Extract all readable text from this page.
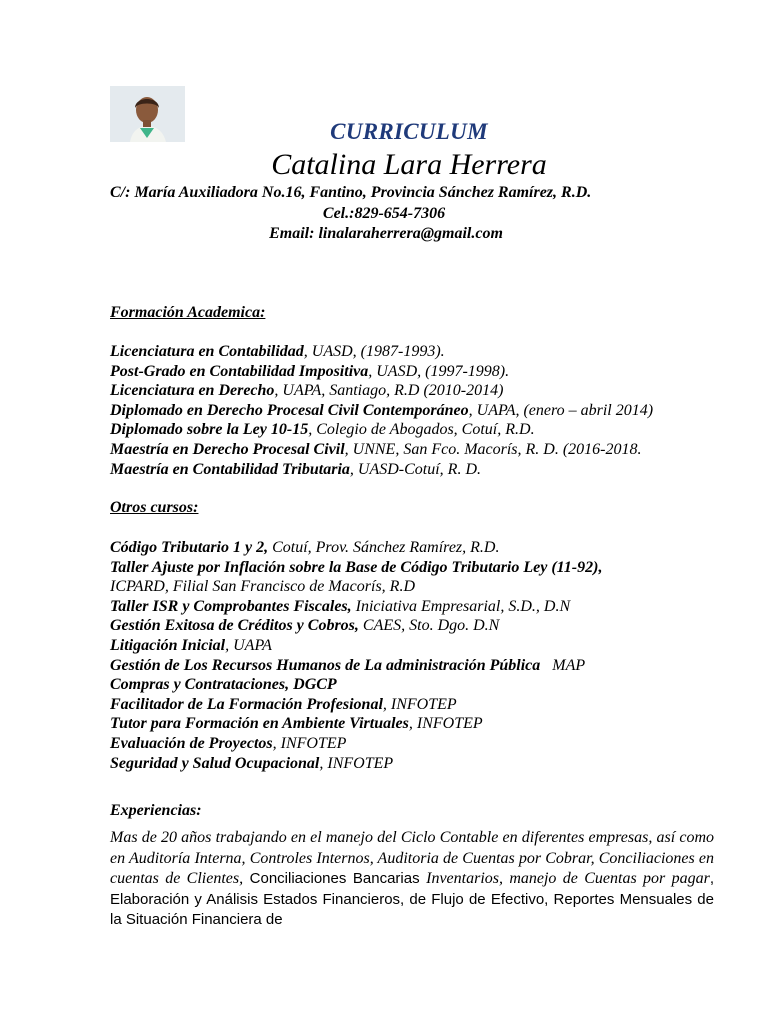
CURRICULUM
Catalina Lara Herrera
C/: María Auxiliadora No.16, Fantino, Provincia Sánchez Ramírez, R.D.
Cel.:829-654-7306
Email: linalaraherrera@gmail.com
Formación Academica:
Licenciatura en Contabilidad, UASD, (1987-1993).
Post-Grado en Contabilidad Impositiva, UASD, (1997-1998).
Licenciatura en Derecho, UAPA, Santiago, R.D (2010-2014)
Diplomado en Derecho Procesal Civil Contemporáneo, UAPA, (enero – abril 2014)
Diplomado sobre la Ley 10-15, Colegio de Abogados, Cotuí, R.D.
Maestría en Derecho Procesal Civil, UNNE, San Fco. Macorís, R. D. (2016-2018.
Maestría en Contabilidad Tributaria, UASD-Cotuí, R. D.
Otros cursos:
Código Tributario 1 y 2, Cotuí, Prov. Sánchez Ramírez, R.D.
Taller Ajuste por Inflación sobre la Base de Código Tributario Ley (11-92), ICPARD, Filial San Francisco de Macorís, R.D
Taller ISR y Comprobantes Fiscales, Iniciativa Empresarial, S.D., D.N
Gestión Exitosa de Créditos y Cobros, CAES, Sto. Dgo. D.N
Litigación Inicial, UAPA
Gestión de Los Recursos Humanos de La administración Pública   MAP
Compras y Contrataciones, DGCP
Facilitador de La Formación Profesional, INFOTEP
Tutor para Formación en Ambiente Virtuales, INFOTEP
Evaluación de Proyectos, INFOTEP
Seguridad y Salud Ocupacional, INFOTEP
Experiencias:
Mas de 20 años trabajando en el manejo del Ciclo Contable en diferentes empresas, así como en Auditoría Interna, Controles Internos, Auditoria de Cuentas por Cobrar, Conciliaciones en cuentas de Clientes, Conciliaciones Bancarias Inventarios, manejo de Cuentas por pagar, Elaboración y Análisis Estados Financieros, de Flujo de Efectivo, Reportes Mensuales de la Situación Financiera de
